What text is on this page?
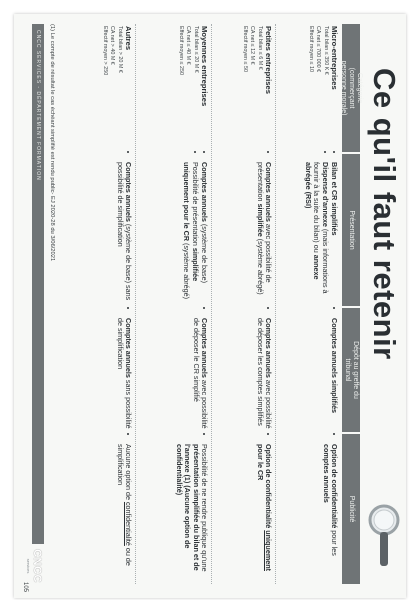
Ce qu'il faut retenir
Catégorie
(commerçant
personne morale)
Présentation
Dépôt au greffe du
tribunal
Publicité
Micro-entreprises
Total bilan ≤ 350 K €
CA net ≤ 700 000 €
Effectif moyen ≤ 10
• Bilan et CR simplifiés
• Dispense d'annexe (mais informations à fournir à la suite du bilan) ou annexe abrégée (RSI)
• Comptes annuels simplifiés
• Option de confidentialité pour les comptes annuels
Petites entreprises
Total bilan ≤ 6 M €
CA net ≤ 12 M €
Effectif moyen ≤ 50
• Comptes annuels avec possibilité de présentation simplifiée (système abrégé)
• Comptes annuels avec possibilité de déposer les comptes simplifiés
• Option de confidentialité uniquement pour le CR
Moyennes entreprises
Total bilan ≤ 20 M €
CA net ≤ 40 M €
Effectif moyen ≤ 250
• Comptes annuels (système de base)
• Possibilité de présentation simplifiée uniquement pour le CR (système abrégé)
• Comptes annuels avec possibilité de déposer le CR simplifié
• Possibilité de ne rendre publique qu'une présentation simplifiée du bilan et de l'annexe (1) (Aucune option de confidentialité)
Autres
Total bilan > 20 M €
CA net > 40 M €
Effectif moyen > 250
• Comptes annuels (système de base) sans possibilité de simplification
• Comptes annuels sans possibilité de simplification
• Aucune option de confidentialité ou de simplification
(1) Le compte de résultat le cas échéant simplifié est rendu public- EJ 2020-28 du 3/06/2021
CNCC SERVICES - DÉPARTEMENT FORMATION
CNCC
services
105
